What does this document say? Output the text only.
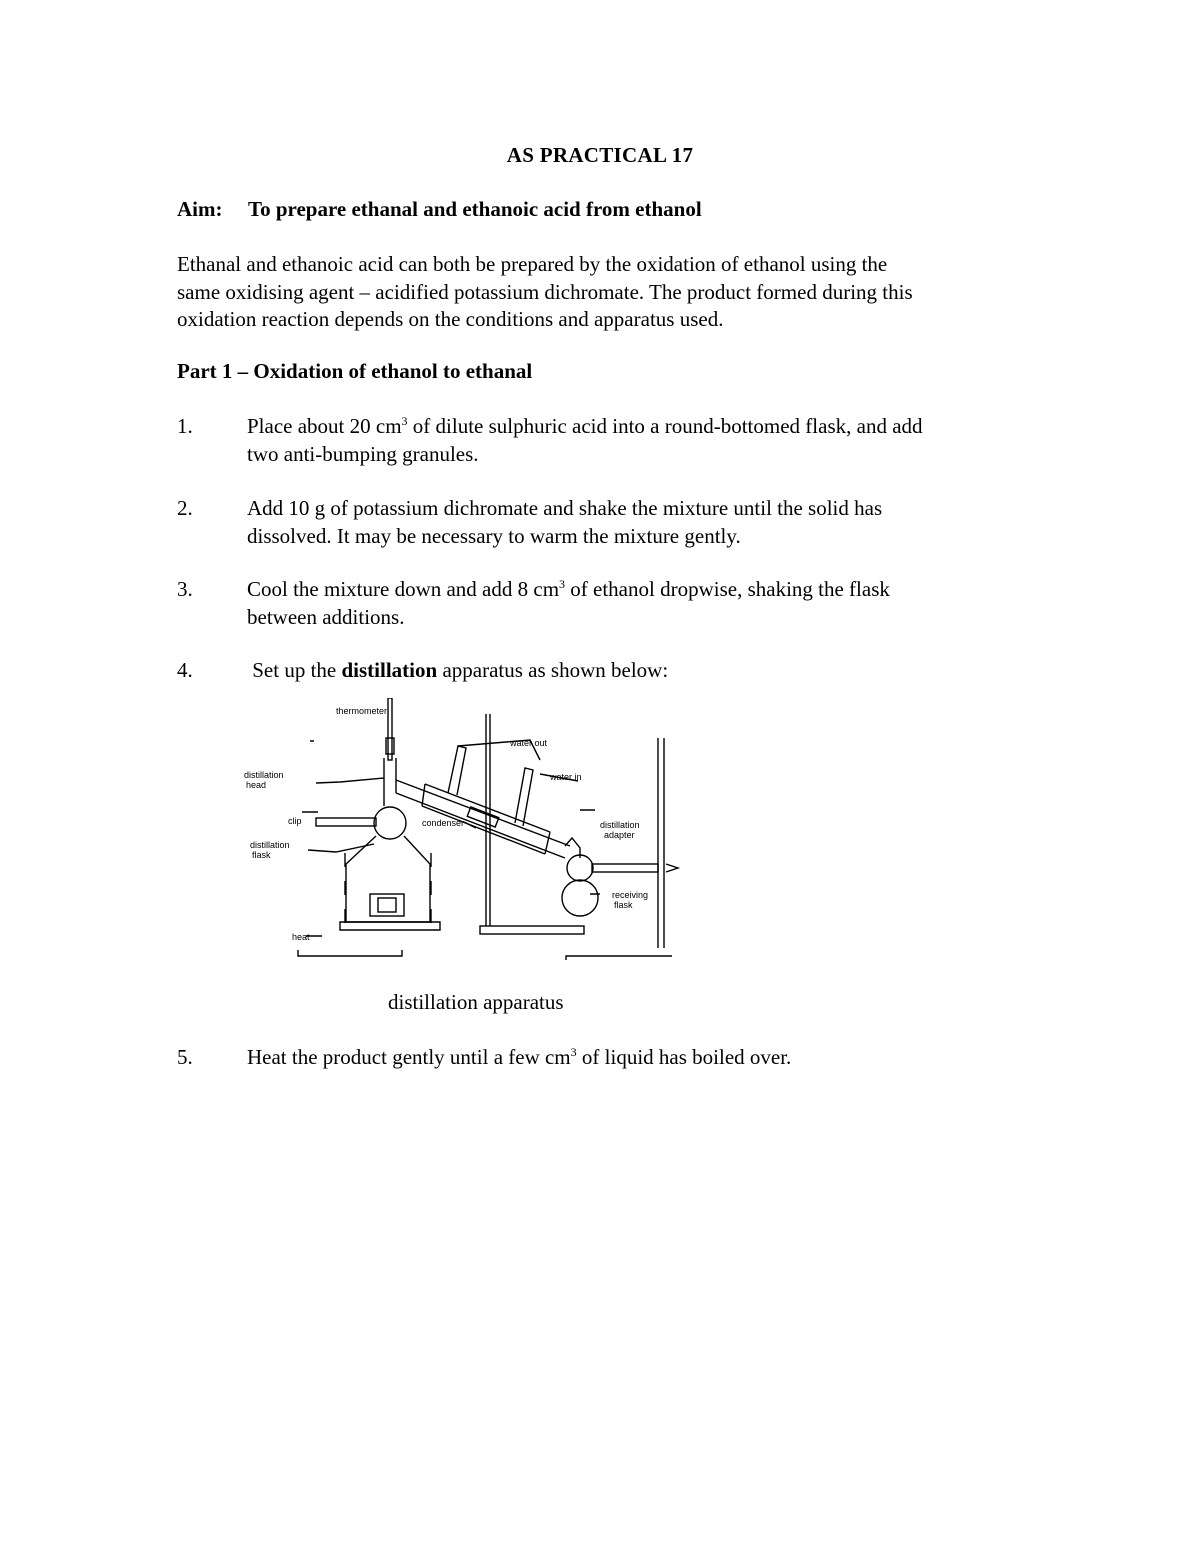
AS PRACTICAL 17
Aim: To prepare ethanal and ethanoic acid from ethanol
Ethanal and ethanoic acid can both be prepared by the oxidation of ethanol using the
same oxidising agent – acidified potassium dichromate. The product formed during this
oxidation reaction depends on the conditions and apparatus used.
Part 1 – Oxidation of ethanol to ethanal
1.	Place about 20 $cm^3$ of dilute sulphuric acid into a round-bottomed flask, and add
two anti-bumping granules.
2.	Add 10 g of potassium dichromate and shake the mixture until the solid has
dissolved. It may be necessary to warm the mixture gently.
3.	Cool the mixture down and add 8 $cm^3$ of ethanol dropwise, shaking the flask
between additions.
4.	Set up the distillation apparatus as shown below:
thermometer
water out
water in
distillation
head
condenser
clip
distillation
flask
distillation
adapter
receiving
flask
heat
distillation apparatus
5.	Heat the product gently until a few $cm^3$ of liquid has boiled over.
